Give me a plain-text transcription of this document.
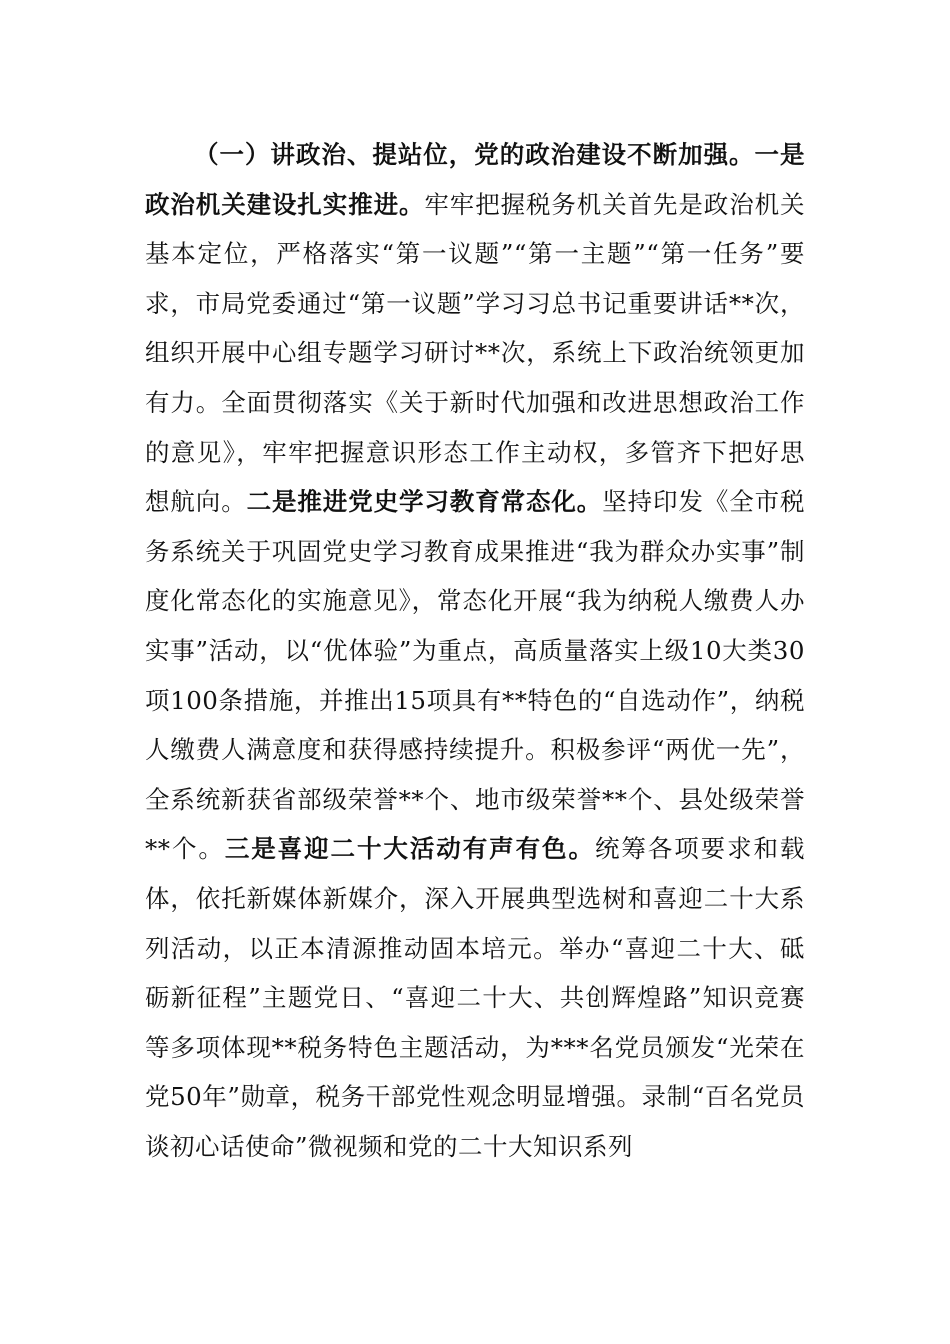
（一）讲政治、提站位，党的政治建设不断加强。一是政治机关建设扎实推进。牢牢把握税务机关首先是政治机关基本定位，严格落实“第一议题”“第一主题”“第一任务”要求，市局党委通过“第一议题”学习习总书记重要讲话**次，组织开展中心组专题学习研讨**次，系统上下政治统领更加有力。全面贯彻落实《关于新时代加强和改进思想政治工作的意见》，牢牢把握意识形态工作主动权，多管齐下把好思想航向。二是推进党史学习教育常态化。坚持印发《全市税务系统关于巩固党史学习教育成果推进“我为群众办实事”制度化常态化的实施意见》，常态化开展“我为纳税人缴费人办实事”活动，以“优体验”为重点，高质量落实上级10大类30项100条措施，并推出15项具有**特色的“自选动作”，纳税人缴费人满意度和获得感持续提升。积极参评“两优一先”，全系统新获省部级荣誉**个、地市级荣誉**个、县处级荣誉**个。三是喜迎二十大活动有声有色。统筹各项要求和载体，依托新媒体新媒介，深入开展典型选树和喜迎二十大系列活动，以正本清源推动固本培元。举办“喜迎二十大、砥砺新征程”主题党日、“喜迎二十大、共创辉煌路”知识竞赛等多项体现**税务特色主题活动，为***名党员颁发“光荣在党50年”勋章，税务干部党性观念明显增强。录制“百名党员谈初心话使命”微视频和党的二十大知识系列
